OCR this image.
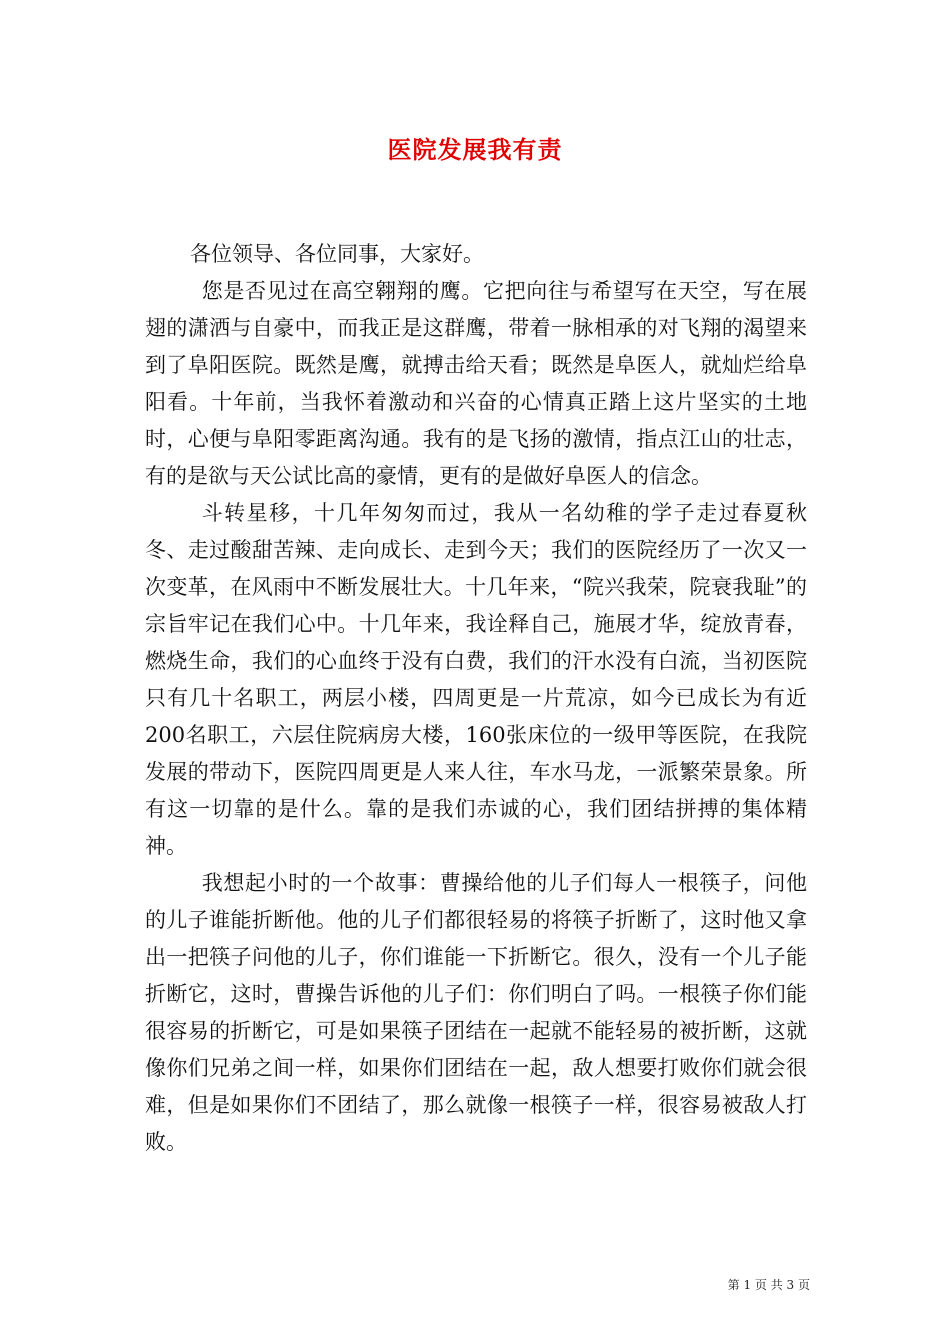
医院发展我有责

各位领导、各位同事，大家好。

您是否见过在高空翱翔的鹰。它把向往与希望写在天空，写在展翅的潇洒与自豪中，而我正是这群鹰，带着一脉相承的对飞翔的渴望来到了阜阳医院。既然是鹰，就搏击给天看；既然是阜医人，就灿烂给阜阳看。十年前，当我怀着激动和兴奋的心情真正踏上这片坚实的土地时，心便与阜阳零距离沟通。我有的是飞扬的激情，指点江山的壮志，有的是欲与天公试比高的豪情，更有的是做好阜医人的信念。

斗转星移，十几年匆匆而过，我从一名幼稚的学子走过春夏秋冬、走过酸甜苦辣、走向成长、走到今天；我们的医院经历了一次又一次变革，在风雨中不断发展壮大。十几年来，“院兴我荣，院衰我耻”的宗旨牢记在我们心中。十几年来，我诠释自己，施展才华，绽放青春，燃烧生命，我们的心血终于没有白费，我们的汗水没有白流，当初医院只有几十名职工，两层小楼，四周更是一片荒凉，如今已成长为有近200名职工，六层住院病房大楼，160张床位的一级甲等医院，在我院发展的带动下，医院四周更是人来人往，车水马龙，一派繁荣景象。所有这一切靠的是什么。靠的是我们赤诚的心，我们团结拼搏的集体精神。

我想起小时的一个故事：曹操给他的儿子们每人一根筷子，问他的儿子谁能折断他。他的儿子们都很轻易的将筷子折断了，这时他又拿出一把筷子问他的儿子，你们谁能一下折断它。很久，没有一个儿子能折断它，这时，曹操告诉他的儿子们：你们明白了吗。一根筷子你们能很容易的折断它，可是如果筷子团结在一起就不能轻易的被折断，这就像你们兄弟之间一样，如果你们团结在一起，敌人想要打败你们就会很难，但是如果你们不团结了，那么就像一根筷子一样，很容易被敌人打败。

第 1 页 共 3 页
